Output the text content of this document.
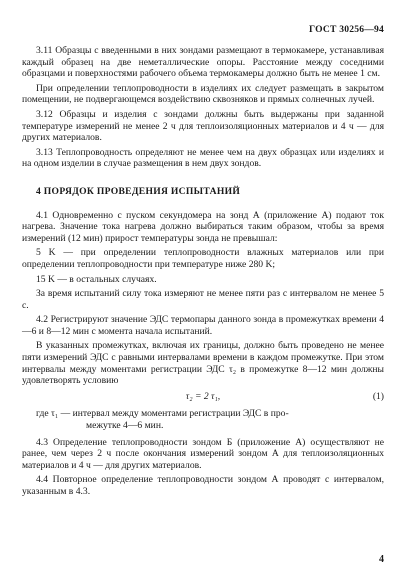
ГОСТ 30256—94

3.11 Образцы с введенными в них зондами размещают в термокамере, устанавливая каждый образец на две неметаллические опоры. Расстояние между соседними образцами и поверхностями рабочего объема термокамеры должно быть не менее 1 см.

При определении теплопроводности в изделиях их следует размещать в закрытом помещении, не подвергающемся воздействию сквозняков и прямых солнечных лучей.

3.12 Образцы и изделия с зондами должны быть выдержаны при заданной температуре измерений не менее 2 ч для теплоизоляционных материалов и 4 ч — для других материалов.

3.13 Теплопроводность определяют не менее чем на двух образцах или изделиях и на одном изделии в случае размещения в нем двух зондов.

4 ПОРЯДОК ПРОВЕДЕНИЯ ИСПЫТАНИЙ

4.1 Одновременно с пуском секундомера на зонд А (приложение А) подают ток нагрева. Значение тока нагрева должно выбираться таким образом, чтобы за время измерений (12 мин) прирост температуры зонда не превышал:

5 K — при определении теплопроводности влажных материалов или при определении теплопроводности при температуре ниже 280 K;

15 K — в остальных случаях.

За время испытаний силу тока измеряют не менее пяти раз с интервалом не менее 5 с.

4.2 Регистрируют значение ЭДС термопары данного зонда в промежутках времени 4—6 и 8—12 мин с момента начала испытаний.

В указанных промежутках, включая их границы, должно быть проведено не менее пяти измерений ЭДС с равными интервалами времени в каждом промежутке. При этом интервалы между моментами регистрации ЭДС τ₂ в промежутке 8—12 мин должны удовлетворять условию

τ₂ = 2 τ₁,	(1)

где τ₁ — интервал между моментами регистрации ЭДС в про-
межутке 4—6 мин.

4.3 Определение теплопроводности зондом Б (приложение А) осуществляют не ранее, чем через 2 ч после окончания измерений зондом А для теплоизоляционных материалов и 4 ч — для других материалов.

4.4 Повторное определение теплопроводности зондом А проводят с интервалом, указанным в 4.3.

4
